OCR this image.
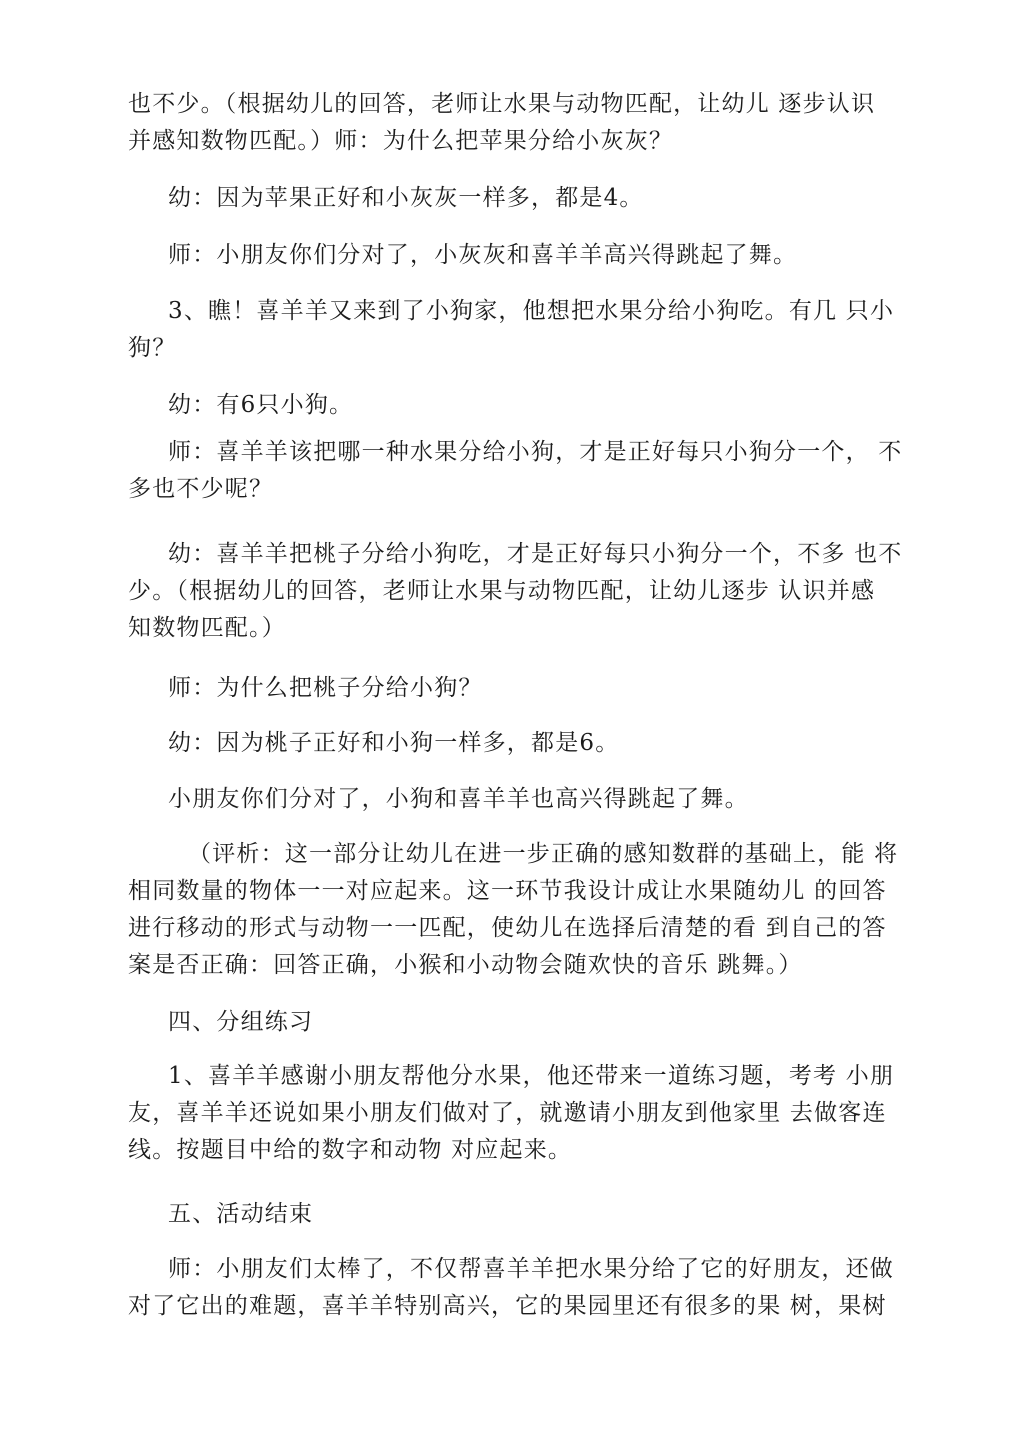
也不少。（根据幼儿的回答，老师让水果与动物匹配，让幼儿 逐步认识
并感知数物匹配。）师：为什么把苹果分给小灰灰？
幼：因为苹果正好和小灰灰一样多，都是4。
师：小朋友你们分对了，小灰灰和喜羊羊高兴得跳起了舞。
3、瞧！喜羊羊又来到了小狗家，他想把水果分给小狗吃。有几 只小
狗？
幼：有6只小狗。
师：喜羊羊该把哪一种水果分给小狗，才是正好每只小狗分一个， 不
多也不少呢？
幼：喜羊羊把桃子分给小狗吃，才是正好每只小狗分一个，不多 也不
少。（根据幼儿的回答，老师让水果与动物匹配，让幼儿逐步 认识并感
知数物匹配。）
师：为什么把桃子分给小狗？
幼：因为桃子正好和小狗一样多，都是6。
小朋友你们分对了，小狗和喜羊羊也高兴得跳起了舞。
（评析：这一部分让幼儿在进一步正确的感知数群的基础上，能 将
相同数量的物体一一对应起来。这一环节我设计成让水果随幼儿 的回答
进行移动的形式与动物一一匹配，使幼儿在选择后清楚的看 到自己的答
案是否正确：回答正确，小猴和小动物会随欢快的音乐 跳舞。）
四、分组练习
1、喜羊羊感谢小朋友帮他分水果，他还带来一道练习题，考考 小朋
友，喜羊羊还说如果小朋友们做对了，就邀请小朋友到他家里 去做客连
线。按题目中给的数字和动物 对应起来。
五、活动结束
师：小朋友们太棒了，不仅帮喜羊羊把水果分给了它的好朋友，还做
对了它出的难题，喜羊羊特别高兴，它的果园里还有很多的果 树，果树
